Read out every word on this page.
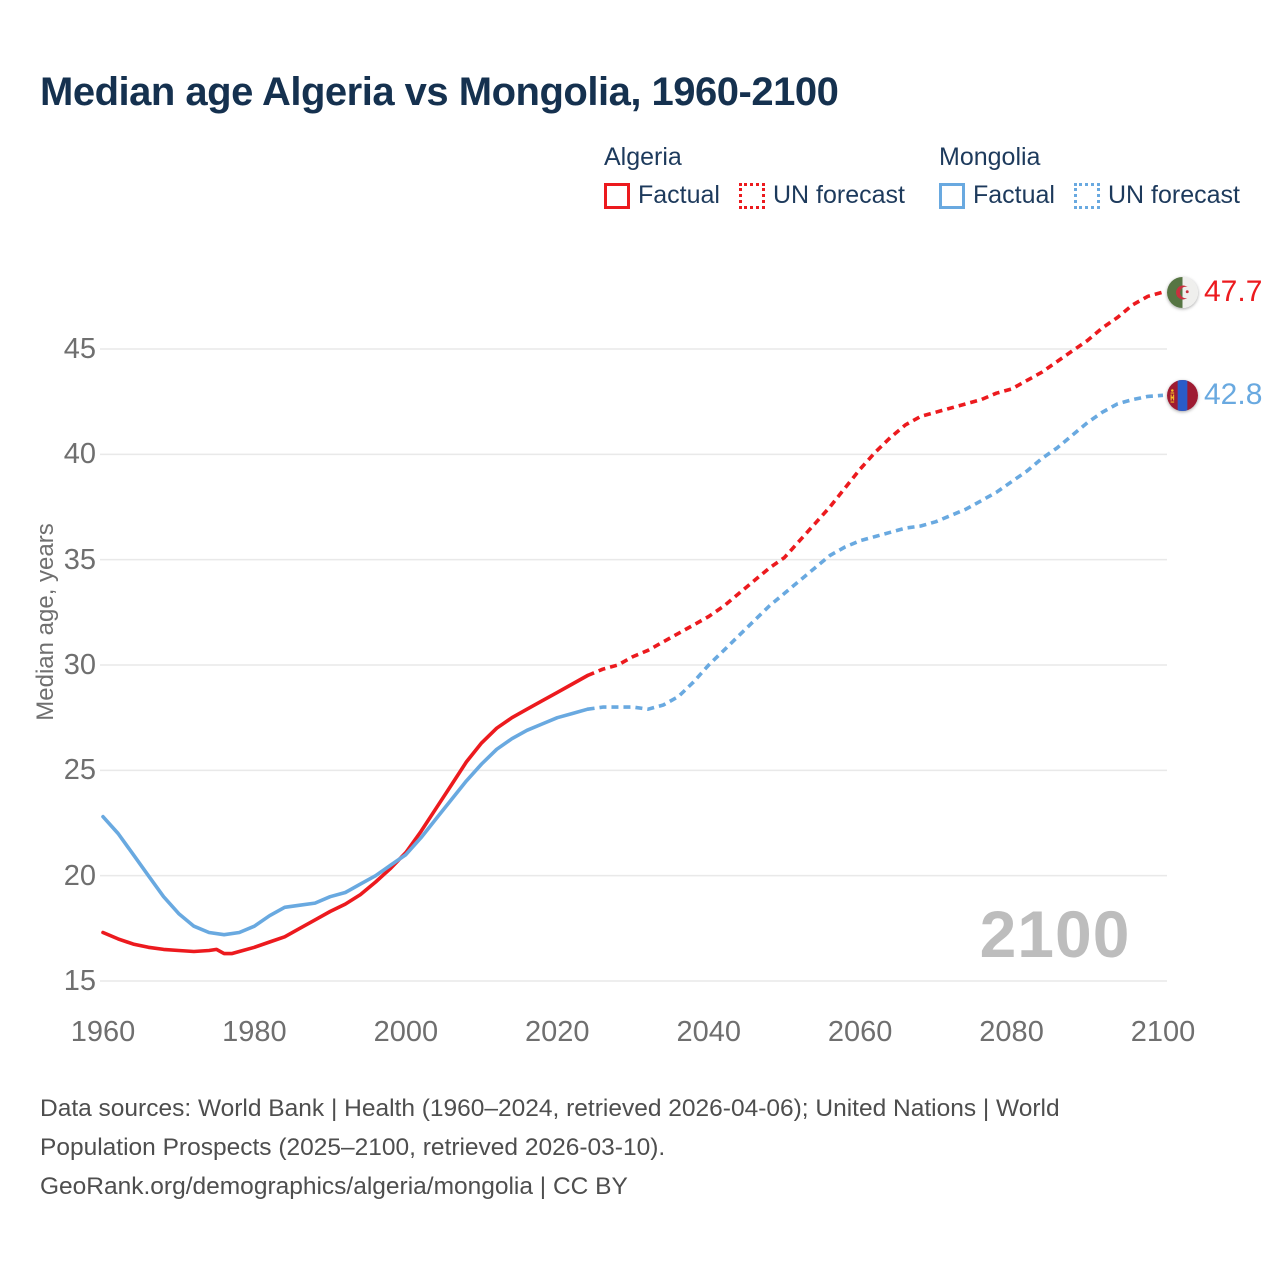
Median age Algeria vs Mongolia, 1960-2100
Algeria
Factual UN forecast
Mongolia
Factual UN forecast
Median age, years
15
20
25
30
35
40
45
1960	1980	2000	2020	2040	2060	2080	2100
2100
47.7
42.8
Data sources: World Bank | Health (1960–2024, retrieved 2026-04-06); United Nations | World
Population Prospects (2025–2100, retrieved 2026-03-10).
GeoRank.org/demographics/algeria/mongolia | CC BY
